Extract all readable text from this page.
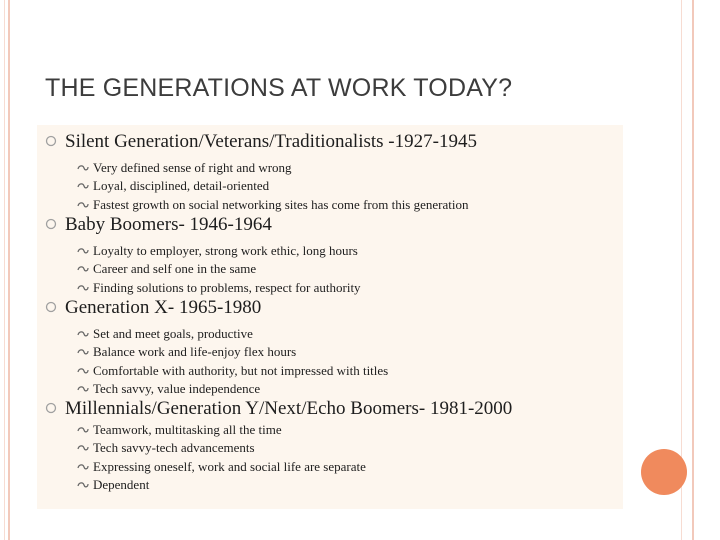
THE GENERATIONS AT WORK TODAY?
Silent Generation/Veterans/Traditionalists -1927-1945
Very defined sense of right and wrong
Loyal, disciplined, detail-oriented
Fastest growth on social networking sites has come from this generation
Baby Boomers- 1946-1964
Loyalty to employer, strong work ethic, long hours
Career and self one in the same
Finding solutions to problems, respect for authority
Generation X- 1965-1980
Set and meet goals, productive
Balance work and life-enjoy flex hours
Comfortable with authority, but not impressed with titles
Tech savvy, value independence
Millennials/Generation Y/Next/Echo Boomers- 1981-2000
Teamwork, multitasking all the time
Tech savvy-tech advancements
Expressing oneself, work and social life are separate
Dependent
